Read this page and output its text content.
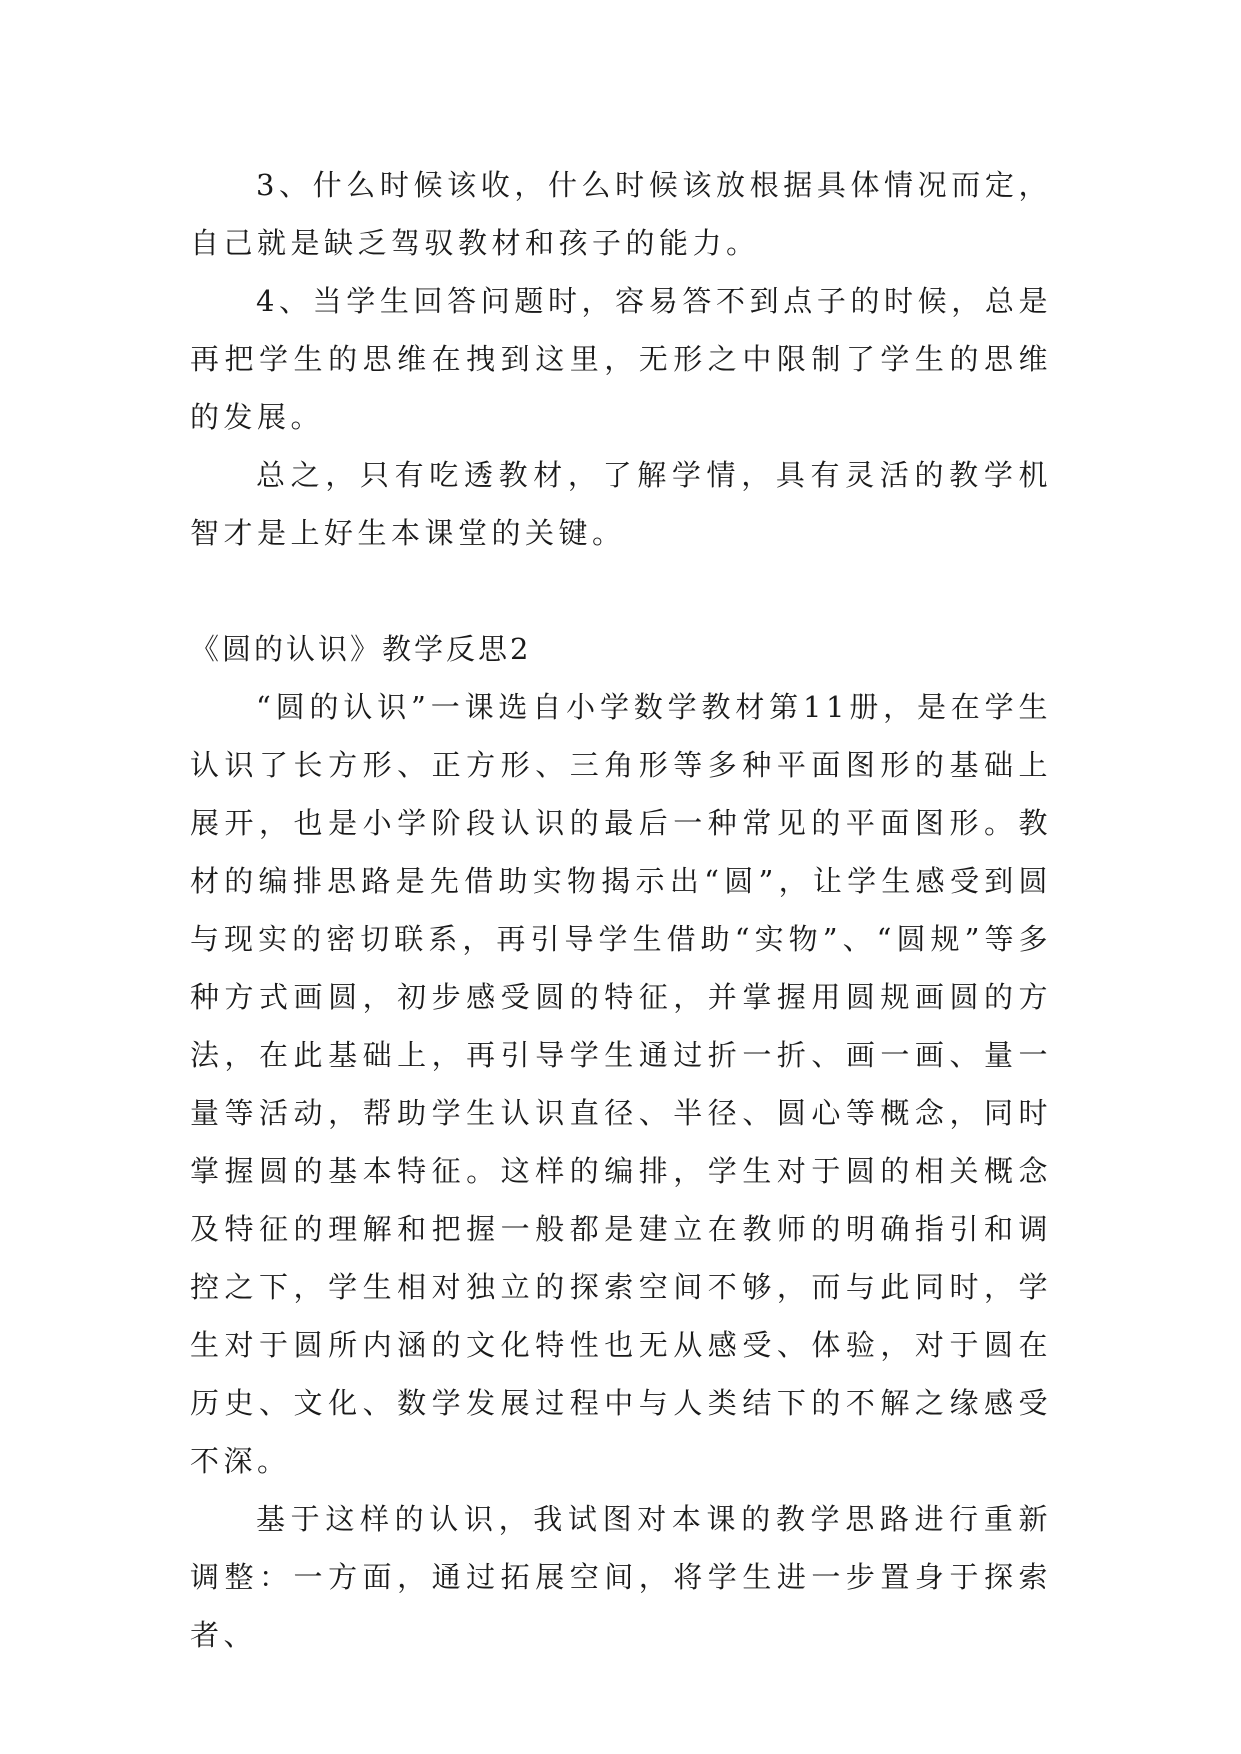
3、什么时候该收，什么时候该放根据具体情况而定，自己就是缺乏驾驭教材和孩子的能力。

4、当学生回答问题时，容易答不到点子的时候，总是再把学生的思维在拽到这里，无形之中限制了学生的思维的发展。

总之，只有吃透教材，了解学情，具有灵活的教学机智才是上好生本课堂的关键。

《圆的认识》教学反思2

“圆的认识”一课选自小学数学教材第11册，是在学生认识了长方形、正方形、三角形等多种平面图形的基础上展开，也是小学阶段认识的最后一种常见的平面图形。教材的编排思路是先借助实物揭示出“圆”，让学生感受到圆与现实的密切联系，再引导学生借助“实物”、“圆规”等多种方式画圆，初步感受圆的特征，并掌握用圆规画圆的方法，在此基础上，再引导学生通过折一折、画一画、量一量等活动，帮助学生认识直径、半径、圆心等概念，同时掌握圆的基本特征。这样的编排，学生对于圆的相关概念及特征的理解和把握一般都是建立在教师的明确指引和调控之下，学生相对独立的探索空间不够，而与此同时，学生对于圆所内涵的文化特性也无从感受、体验，对于圆在历史、文化、数学发展过程中与人类结下的不解之缘感受不深。

基于这样的认识，我试图对本课的教学思路进行重新调整：一方面，通过拓展空间，将学生进一步置身于探索者、
